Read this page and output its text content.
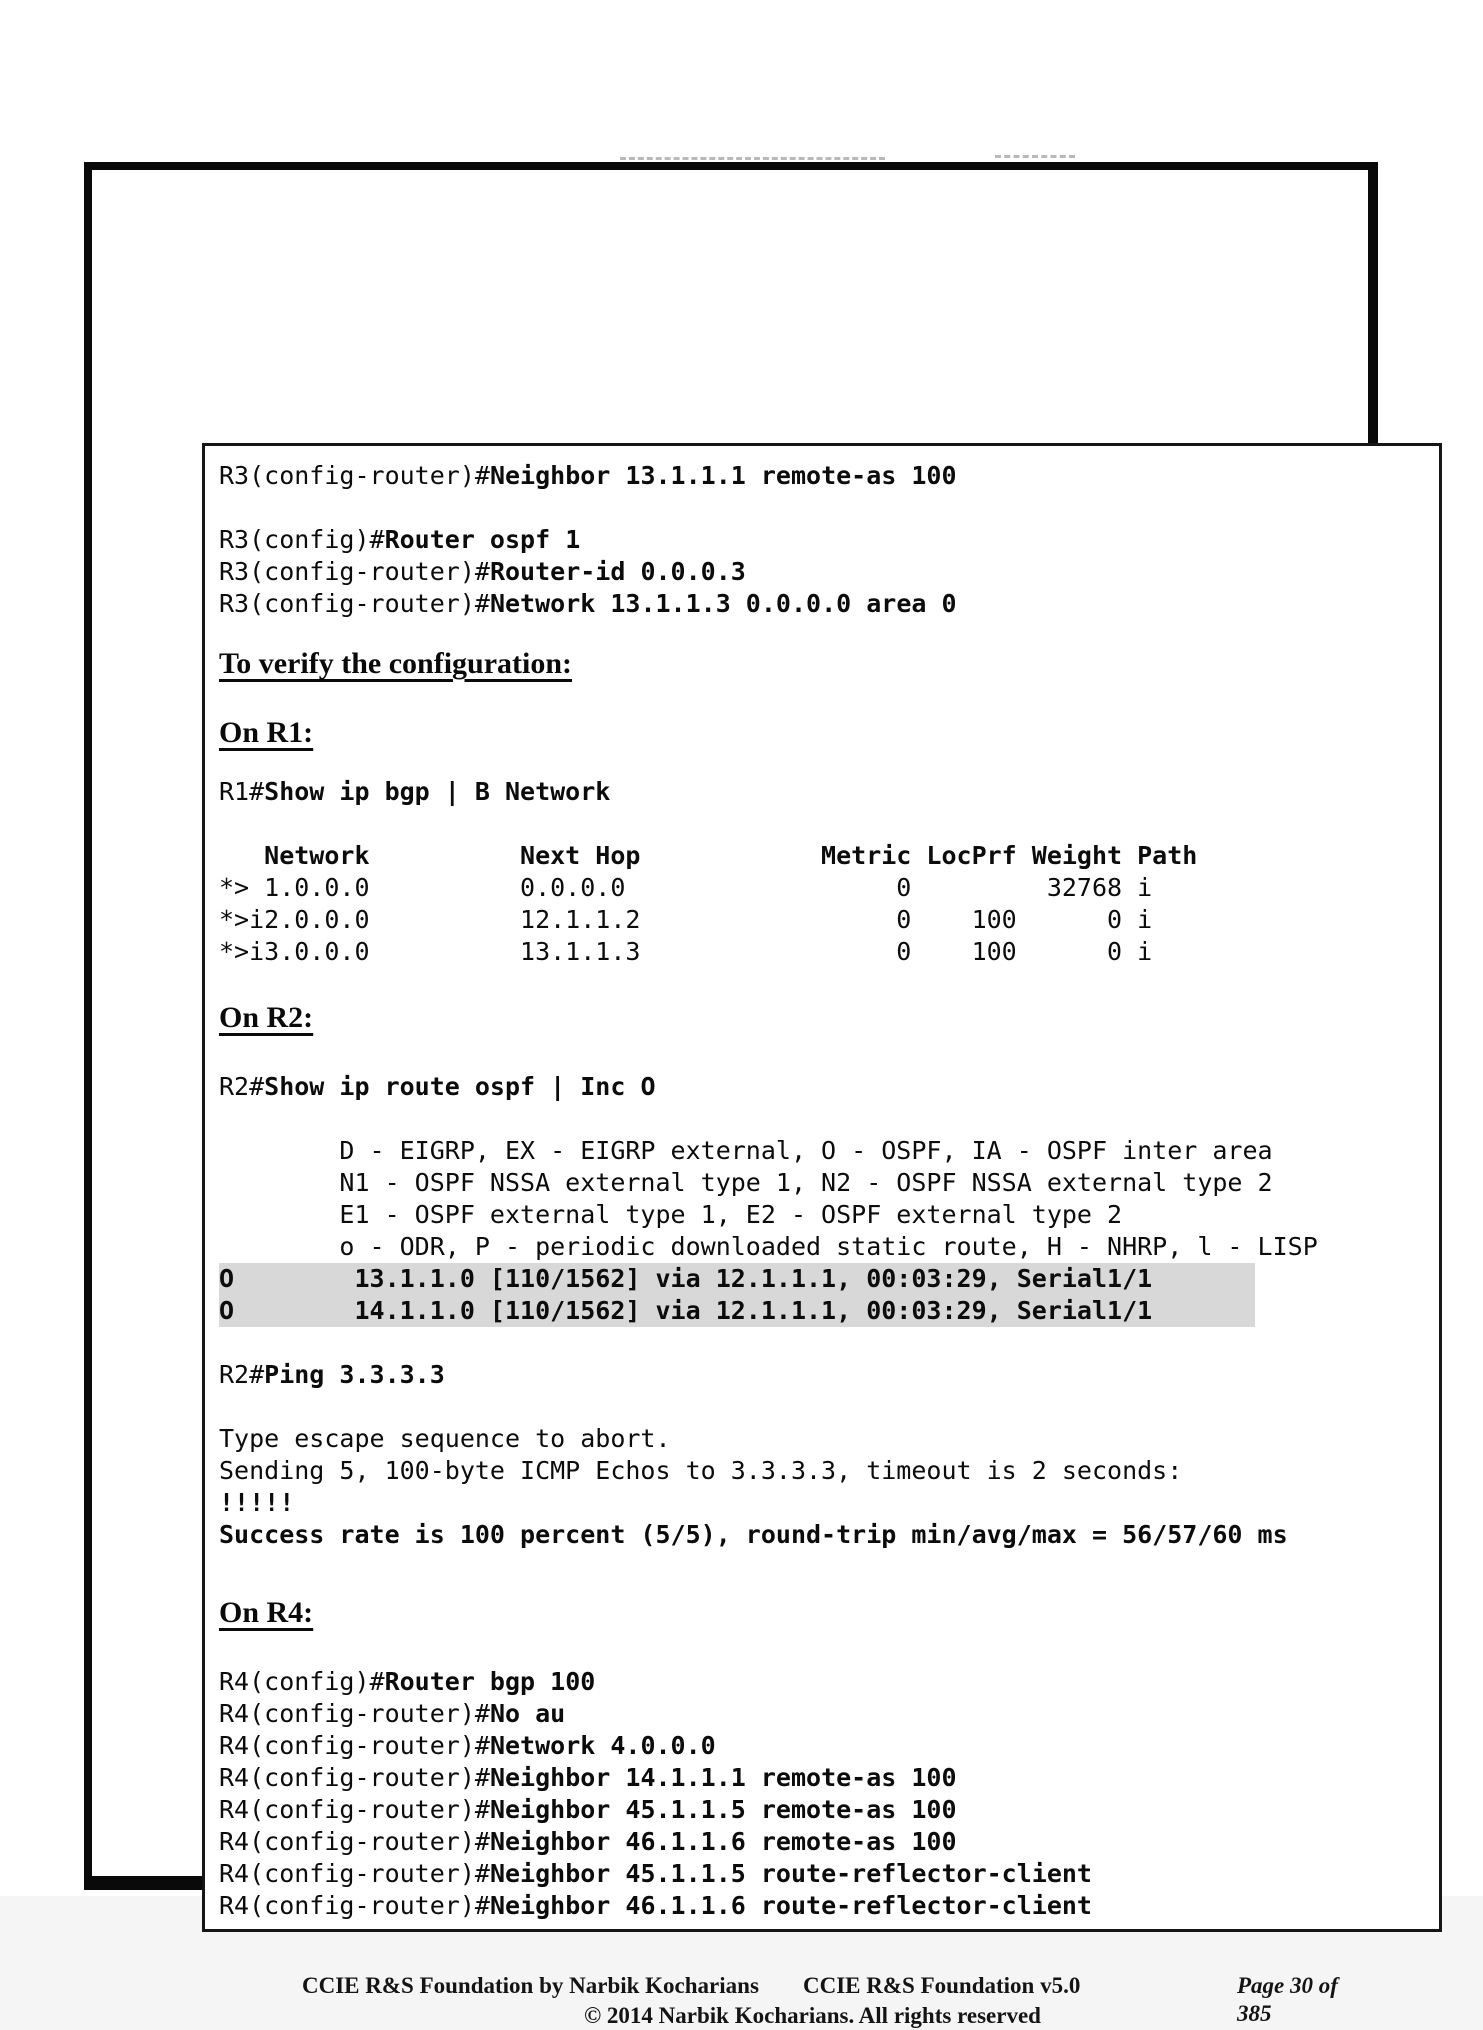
R3(config-router)#Neighbor 13.1.1.1 remote-as 100

R3(config)#Router ospf 1
R3(config-router)#Router-id 0.0.0.3
R3(config-router)#Network 13.1.1.3 0.0.0.0 area 0

To verify the configuration:

On R1:

R1#Show ip bgp | B Network

Network          Next Hop            Metric LocPrf Weight Path
*> 1.0.0.0          0.0.0.0                  0         32768 i
*>i2.0.0.0          12.1.1.2                 0    100      0 i
*>i3.0.0.0          13.1.1.3                 0    100      0 i

On R2:

R2#Show ip route ospf | Inc O

D - EIGRP, EX - EIGRP external, O - OSPF, IA - OSPF inter area
N1 - OSPF NSSA external type 1, N2 - OSPF NSSA external type 2
E1 - OSPF external type 1, E2 - OSPF external type 2
o - ODR, P - periodic downloaded static route, H - NHRP, l - LISP
O        13.1.1.0 [110/1562] via 12.1.1.1, 00:03:29, Serial1/1
O        14.1.1.0 [110/1562] via 12.1.1.1, 00:03:29, Serial1/1

R2#Ping 3.3.3.3

Type escape sequence to abort.
Sending 5, 100-byte ICMP Echos to 3.3.3.3, timeout is 2 seconds:
!!!!!
Success rate is 100 percent (5/5), round-trip min/avg/max = 56/57/60 ms

On R4:

R4(config)#Router bgp 100
R4(config-router)#No au
R4(config-router)#Network 4.0.0.0
R4(config-router)#Neighbor 14.1.1.1 remote-as 100
R4(config-router)#Neighbor 45.1.1.5 remote-as 100
R4(config-router)#Neighbor 46.1.1.6 remote-as 100
R4(config-router)#Neighbor 45.1.1.5 route-reflector-client
R4(config-router)#Neighbor 46.1.1.6 route-reflector-client

CCIE R&S Foundation by Narbik Kocharians CCIE R&S Foundation v5.0	Page 30 of 385
© 2014 Narbik Kocharians. All rights reserved
